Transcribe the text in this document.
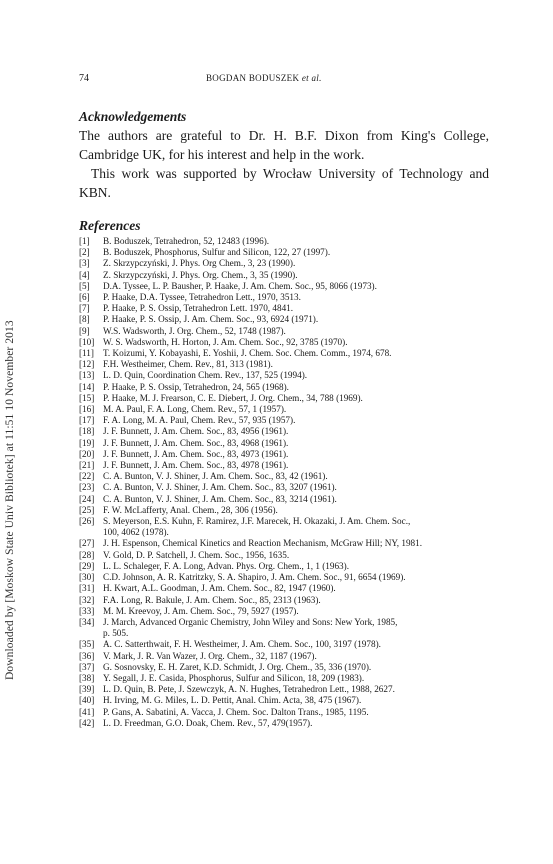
Downloaded by [Moskow State Univ Bibliotek] at 11:51 10 November 2013
74	BOGDAN BODUSZEK et al.
Acknowledgements
The authors are grateful to Dr. H. B.F. Dixon from King's College, Cambridge UK, for his interest and help in the work.
This work was supported by Wrocław University of Technology and KBN.
References
[1]	B. Boduszek, Tetrahedron, 52, 12483 (1996).
[2]	B. Boduszek, Phosphorus, Sulfur and Silicon, 122, 27 (1997).
[3]	Z. Skrzypczyński, J. Phys. Org Chem., 3, 23 (1990).
[4]	Z. Skrzypczyński, J. Phys. Org. Chem., 3, 35 (1990).
[5]	D.A. Tyssee, L. P. Bausher, P. Haake, J. Am. Chem. Soc., 95, 8066 (1973).
[6]	P. Haake, D.A. Tyssee, Tetrahedron Lett., 1970, 3513.
[7]	P. Haake, P. S. Ossip, Tetrahedron Lett. 1970, 4841.
[8]	P. Haake, P. S. Ossip, J. Am. Chem. Soc., 93, 6924 (1971).
[9]	W.S. Wadsworth, J. Org. Chem., 52, 1748 (1987).
[10] W. S. Wadsworth, H. Horton, J. Am. Chem. Soc., 92, 3785 (1970).
[11] T. Koizumi, Y. Kobayashi, E. Yoshii, J. Chem. Soc. Chem. Comm., 1974, 678.
[12] F.H. Westheimer, Chem. Rev., 81, 313 (1981).
[13] L. D. Quin, Coordination Chem. Rev., 137, 525 (1994).
[14] P. Haake, P. S. Ossip, Tetrahedron, 24, 565 (1968).
[15] P. Haake, M. J. Frearson, C. E. Diebert, J. Org. Chem., 34, 788 (1969).
[16] M. A. Paul, F. A. Long, Chem. Rev., 57, 1 (1957).
[17] F. A. Long, M. A. Paul, Chem. Rev., 57, 935 (1957).
[18] J. F. Bunnett, J. Am. Chem. Soc., 83, 4956 (1961).
[19] J. F. Bunnett, J. Am. Chem. Soc., 83, 4968 (1961).
[20] J. F. Bunnett, J. Am. Chem. Soc., 83, 4973 (1961).
[21] J. F. Bunnett, J. Am. Chem. Soc., 83, 4978 (1961).
[22] C. A. Bunton, V. J. Shiner, J. Am. Chem. Soc., 83, 42 (1961).
[23] C. A. Bunton, V. J. Shiner, J. Am. Chem. Soc., 83, 3207 (1961).
[24] C. A. Bunton, V. J. Shiner, J. Am. Chem. Soc., 83, 3214 (1961).
[25] F. W. McLafferty, Anal. Chem., 28, 306 (1956).
[26] S. Meyerson, E.S. Kuhn, F. Ramirez, J.F. Marecek, H. Okazaki, J. Am. Chem. Soc.,
100, 4062 (1978).
[27] J. H. Espenson, Chemical Kinetics and Reaction Mechanism, McGraw Hill; NY, 1981.
[28] V. Gold, D. P. Satchell, J. Chem. Soc., 1956, 1635.
[29] L. L. Schaleger, F. A. Long, Advan. Phys. Org. Chem., 1, 1 (1963).
[30] C.D. Johnson, A. R. Katritzky, S. A. Shapiro, J. Am. Chem. Soc., 91, 6654 (1969).
[31] H. Kwart, A.L. Goodman, J. Am. Chem. Soc., 82, 1947 (1960).
[32] F.A. Long, R. Bakule, J. Am. Chem. Soc., 85, 2313 (1963).
[33] M. M. Kreevoy, J. Am. Chem. Soc., 79, 5927 (1957).
[34] J. March, Advanced Organic Chemistry, John Wiley and Sons: New York, 1985,
p. 505.
[35] A. C. Satterthwait, F. H. Westheimer, J. Am. Chem. Soc., 100, 3197 (1978).
[36] V. Mark, J. R. Van Wazer, J. Org. Chem., 32, 1187 (1967).
[37] G. Sosnovsky, E. H. Zaret, K.D. Schmidt, J. Org. Chem., 35, 336 (1970).
[38] Y. Segall, J. E. Casida, Phosphorus, Sulfur and Silicon, 18, 209 (1983).
[39] L. D. Quin, B. Pete, J. Szewczyk, A. N. Hughes, Tetrahedron Lett., 1988, 2627.
[40] H. Irving, M. G. Miles, L. D. Pettit, Anal. Chim. Acta, 38, 475 (1967).
[41] P. Gans, A. Sabatini, A. Vacca, J. Chem. Soc. Dalton Trans., 1985, 1195.
[42] L. D. Freedman, G.O. Doak, Chem. Rev., 57, 479(1957).
